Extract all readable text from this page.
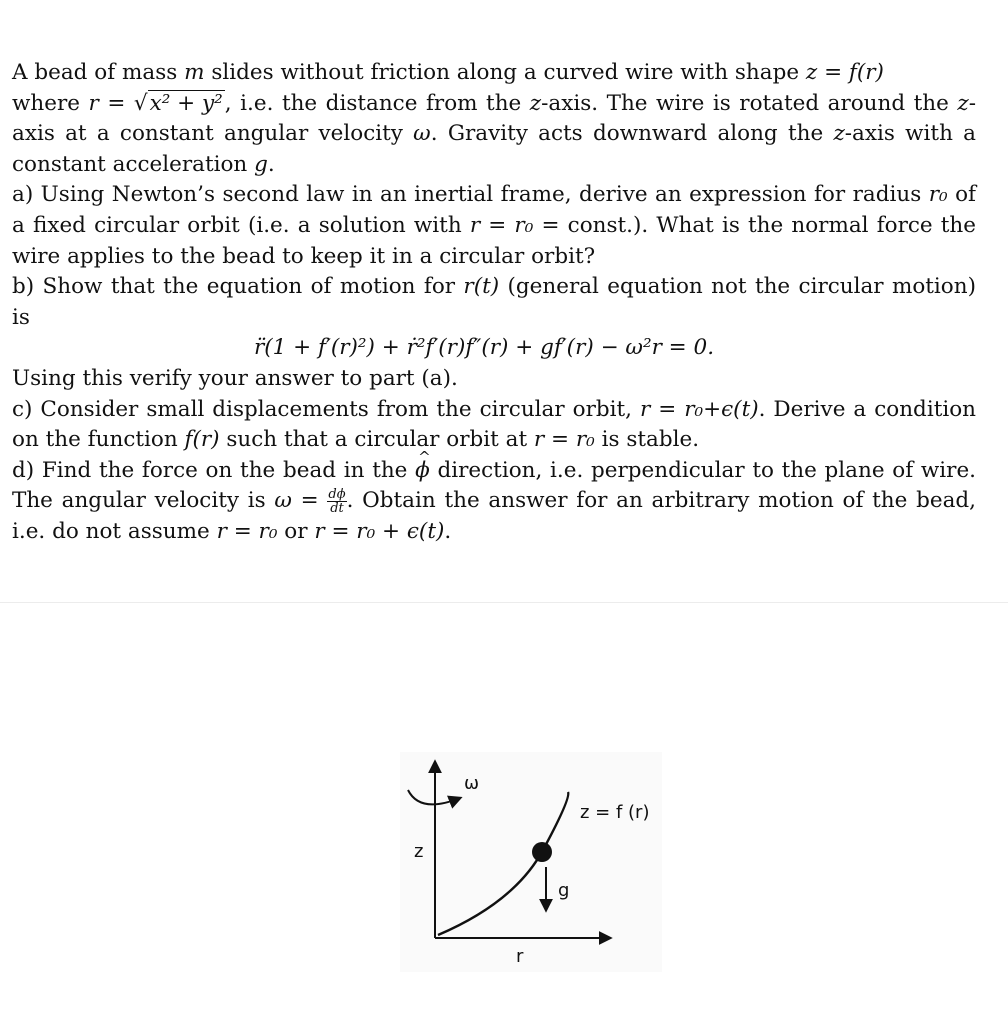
A bead of mass m slides without friction along a curved wire with shape z = f(r)
where r = √x² + y², i.e. the distance from the z-axis. The wire is rotated around the z-axis at a constant angular velocity ω. Gravity acts downward along the z-axis with a constant acceleration g.

a) Using Newton’s second law in an inertial frame, derive an expression for radius r₀ of a fixed circular orbit (i.e. a solution with r = r₀ = const.). What is the normal force the wire applies to the bead to keep it in a circular orbit?

b) Show that the equation of motion for r(t) (general equation not the circular motion) is

r̈(1 + f′(r)²) + ṙ²f′(r)f″(r) + gf′(r) − ω²r = 0.

Using this verify your answer to part (a).

c) Consider small displacements from the circular orbit, r = r₀+ϵ(t). Derive a condition on the function f(r) such that a circular orbit at r = r₀ is stable.

d) Find the force on the bead in the ^ ϕ direction, i.e. perpendicular to the plane of wire. The angular velocity is $\omega = \frac{d\phi}{dt}$ . Obtain the answer for an arbitrary motion of the bead, i.e. do not assume r = r₀ or r = r₀ + ϵ(t).

ω
z = f (r)
z
g
r
